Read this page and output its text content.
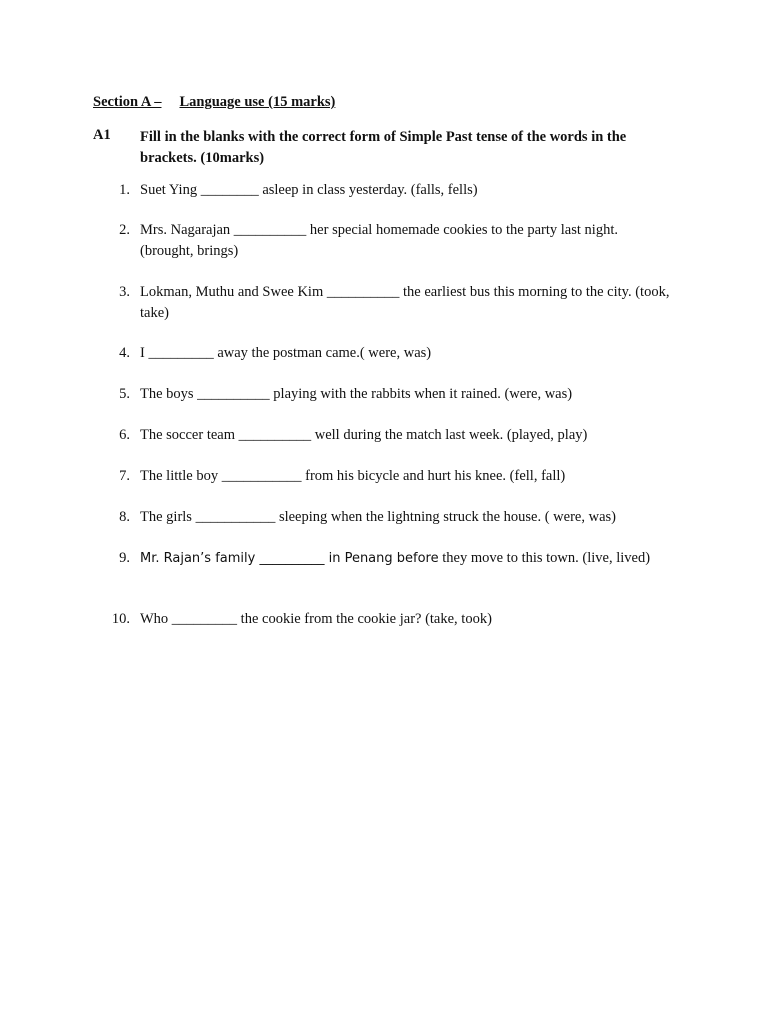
Section A – Language use (15 marks)
A1 Fill in the blanks with the correct form of Simple Past tense of the words in the brackets. (10marks)
1. Suet Ying ________ asleep in class yesterday. (falls, fells)
2. Mrs. Nagarajan __________ her special homemade cookies to the party last night. (brought, brings)
3. Lokman, Muthu and Swee Kim __________ the earliest bus this morning to the city. (took, take)
4. I _________ away the postman came.( were, was)
5. The boys __________ playing with the rabbits when it rained. (were, was)
6. The soccer team __________ well during the match last week. (played, play)
7. The little boy ___________ from his bicycle and hurt his knee. (fell, fall)
8. The girls ___________ sleeping when the lightning struck the house. ( were, was)
9. Mr. Rajan’s family __________ in Penang before they move to this town. (live, lived)
10. Who _________ the cookie from the cookie jar? (take, took)
